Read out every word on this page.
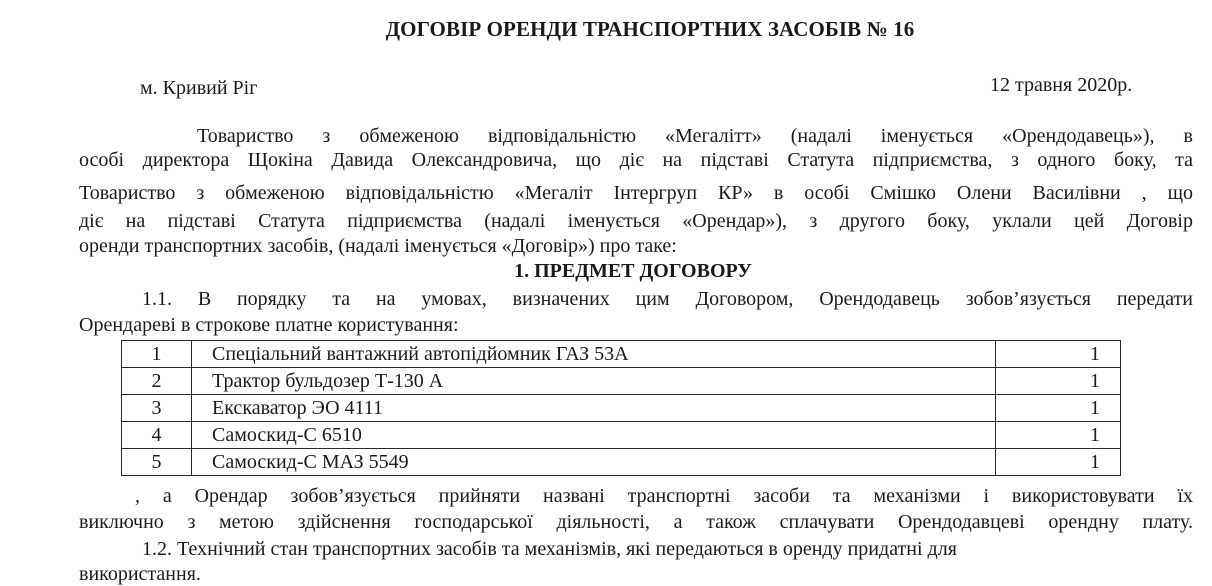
ДОГОВІР ОРЕНДИ ТРАНСПОРТНИХ ЗАСОБІВ № 16
м. Кривий Ріг	12 травня 2020р.
Товариство з обмеженою відповідальністю «Мегалітт» (надалі іменується «Орендодавець»), в
особі директора Щокіна Давида Олександровича, що діє на підставі Статута підприємства, з одного боку, та
Товариство з обмеженою відповідальністю «Мегаліт Інтергруп КР» в особі Смішко Олени Василівни , що
діє на підставі Статута підприємства (надалі іменується «Орендар»), з другого боку, уклали цей Договір
оренди транспортних засобів, (надалі іменується «Договір») про таке:
1. ПРЕДМЕТ ДОГОВОРУ
1.1. В порядку та на умовах, визначених цим Договором, Орендодавець зобов’язується передати
Орендареві в строкове платне користування:
1	Спеціальний вантажний автопідйомник ГАЗ 53А	1
2	Трактор бульдозер Т-130 А	1
3	Екскаватор ЭО 4111	1
4	Самоскид-С 6510	1
5	Самоскид-С МАЗ 5549	1
, а Орендар зобов’язується прийняти названі транспортні засоби та механізми і використовувати їх
виключно з метою здійснення господарської діяльності, а також сплачувати Орендодавцеві орендну плату.
1.2. Технічний стан транспортних засобів та механізмів, які передаються в оренду придатні для
використання.
